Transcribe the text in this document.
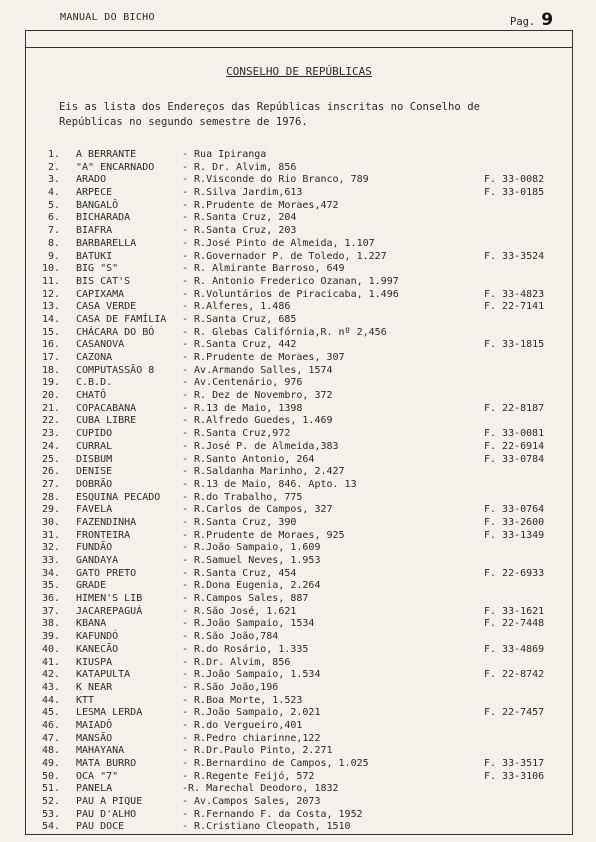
MANUAL DO BICHO	Pag. 9
CONSELHO DE REPÚBLICAS
Eis as lista dos Endereços das Repúblicas inscritas no Conselho de Repúblicas no segundo semestre de 1976.
1. A BERRANTE	- Rua Ipiranga
2. "A" ENCARNADO	- R. Dr. Alvim, 856
3. ARADO	- R.Visconde do Rio Branco, 789	F. 33-0082
4. ARPECE	- R.Silva Jardim,613	F. 33-0185
5. BANGALÔ	- R.Prudente de Moraes,472
6. BICHARADA	- R.Santa Cruz, 204
7. BIAFRA	- R.Santa Cruz, 203
8. BARBARELLA	- R.José Pinto de Almeida, 1.107
9. BATUKI	- R.Governador P. de Toledo, 1.227	F. 33-3524
10. BIG "S"	- R. Almirante Barroso, 649
11. BIS CAT'S	- R. Antonio Frederico Ozanan, 1.997
12. CAPIXAMA	- R.Voluntários de Piracicaba, 1.496	F. 33-4823
13. CASA VERDE	- R.Alferes, 1.486	F. 22-7141
14. CASA DE FAMÍLIA - R.Santa Cruz, 685
15. CHÁCARA DO BÓ	- R. Glebas Califórnia,R. nº 2,456
16. CASANOVA	- R.Santa Cruz, 442	F. 33-1815
17. CAZONA	- R.Prudente de Moraes, 307
18. COMPUTASSÃO 8	- Av.Armando Salles, 1574
19. C.B.D.	- Av.Centenário, 976
20. CHATÔ	- R. Dez de Novembro, 372
21. COPACABANA	- R.13 de Maio, 1398	F. 22-8187
22. CUBA LIBRE	- R.Alfredo Guedes, 1.469
23. CUPIDO	- R.Santa Cruz,972	F. 33-0081
24. CURRAL	- R.José P. de Almeida,383	F. 22-6914
25. DISBUM	- R.Santo Antonio, 264	F. 33-0784
26. DENISE	- R.Saldanha Marinho, 2.427
27. DOBRÃO	- R.13 de Maio, 846. Apto. 13
28. ESQUINA PECADO - R.do Trabalho, 775
29. FAVELA	- R.Carlos de Campos, 327	F. 33-0764
30. FAZENDINHA	- R.Santa Cruz, 390	F. 33-2600
31. FRONTEIRA	- R.Prudente de Moraes, 925	F. 33-1349
32. FUNDÃO	- R.João Sampaio, 1.609
33. GANDAYA	- R.Samuel Neves, 1.953
34. GATO PRETO	- R.Santa Cruz, 454	F. 22-6933
35. GRADE	- R.Dona Eugenia, 2.264
36. HIMEN'S LIB	- R.Campos Sales, 887
37. JACAREPAGUÁ	- R.São José, 1.621	F. 33-1621
38. KBANA	- R.João Sampaio, 1534	F. 22-7448
39. KAFUNDÓ	- R.São João,784
40. KANECÃO	- R.do Rosário, 1.335	F. 33-4869
41. KIUSPA	- R.Dr. Alvim, 856
42. KATAPULTA	- R.João Sampaio, 1.534	F. 22-8742
43. K NEAR	- R.São João,196
44. KTT	- R.Boa Morte, 1.523
45. LESMA LERDA	- R.João Sampaio, 2.021	F. 22-7457
46. MAIADÔ	- R.do Vergueiro,401
47. MANSÃO	- R.Pedro chiarinne,122
48. MAHAYANA	- R.Dr.Paulo Pinto, 2.271
49. MATA BURRO	- R.Bernardino de Campos, 1.025	F. 33-3517
50. OCA "7"	- R.Regente Feijó, 572	F. 33-3106
51. PANELA	-R. Marechal Deodoro, 1832
52. PAU A PIQUE	- Av.Campos Sales, 2073
53. PAU D'ALHO	- R.Fernando F. da Costa, 1952
54. PAU DOCE	- R.Cristiano Cleopath, 1510
